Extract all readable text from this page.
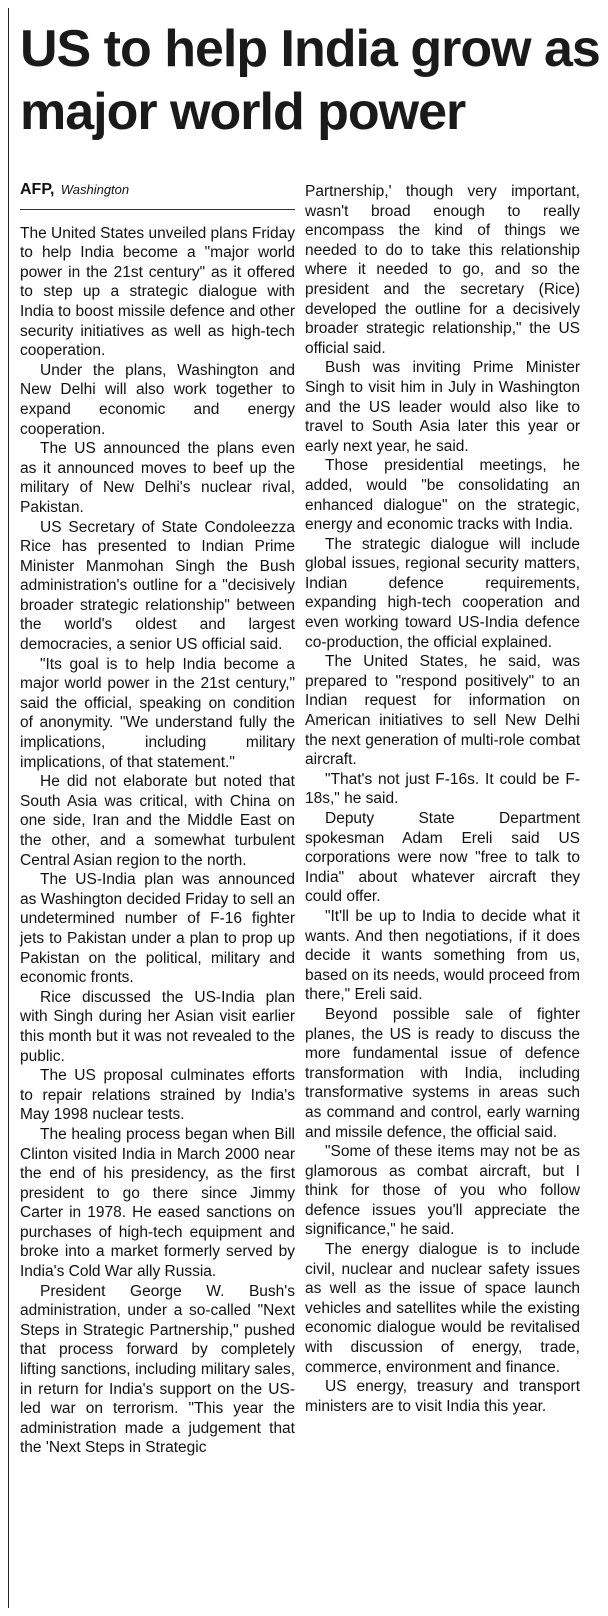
US to help India grow as major world power
AFP, Washington

The United States unveiled plans Friday to help India become a "major world power in the 21st century" as it offered to step up a strategic dialogue with India to boost missile defence and other security initiatives as well as high-tech cooperation.

Under the plans, Washington and New Delhi will also work together to expand economic and energy cooperation.

The US announced the plans even as it announced moves to beef up the military of New Delhi's nuclear rival, Pakistan.

US Secretary of State Condoleezza Rice has presented to Indian Prime Minister Manmohan Singh the Bush administration's outline for a "decisively broader strategic relationship" between the world's oldest and largest democracies, a senior US official said.

"Its goal is to help India become a major world power in the 21st century," said the official, speaking on condition of anonymity. "We understand fully the implications, including military implications, of that statement."

He did not elaborate but noted that South Asia was critical, with China on one side, Iran and the Middle East on the other, and a somewhat turbulent Central Asian region to the north.

The US-India plan was announced as Washington decided Friday to sell an undetermined number of F-16 fighter jets to Pakistan under a plan to prop up Pakistan on the political, military and economic fronts.

Rice discussed the US-India plan with Singh during her Asian visit earlier this month but it was not revealed to the public.

The US proposal culminates efforts to repair relations strained by India's May 1998 nuclear tests.

The healing process began when Bill Clinton visited India in March 2000 near the end of his presidency, as the first president to go there since Jimmy Carter in 1978. He eased sanctions on purchases of high-tech equipment and broke into a market formerly served by India's Cold War ally Russia.

President George W. Bush's administration, under a so-called "Next Steps in Strategic Partnership," pushed that process forward by completely lifting sanctions, including military sales, in return for India's support on the US-led war on terrorism. "This year the administration made a judgement that the 'Next Steps in Strategic

Partnership,' though very important, wasn't broad enough to really encompass the kind of things we needed to do to take this relationship where it needed to go, and so the president and the secretary (Rice) developed the outline for a decisively broader strategic relationship," the US official said.

Bush was inviting Prime Minister Singh to visit him in July in Washington and the US leader would also like to travel to South Asia later this year or early next year, he said.

Those presidential meetings, he added, would "be consolidating an enhanced dialogue" on the strategic, energy and economic tracks with India.

The strategic dialogue will include global issues, regional security matters, Indian defence requirements, expanding high-tech cooperation and even working toward US-India defence co-production, the official explained.

The United States, he said, was prepared to "respond positively" to an Indian request for information on American initiatives to sell New Delhi the next generation of multi-role combat aircraft.

"That's not just F-16s. It could be F-18s," he said.

Deputy State Department spokesman Adam Ereli said US corporations were now "free to talk to India" about whatever aircraft they could offer.

"It'll be up to India to decide what it wants. And then negotiations, if it does decide it wants something from us, based on its needs, would proceed from there," Ereli said.

Beyond possible sale of fighter planes, the US is ready to discuss the more fundamental issue of defence transformation with India, including transformative systems in areas such as command and control, early warning and missile defence, the official said.

"Some of these items may not be as glamorous as combat aircraft, but I think for those of you who follow defence issues you'll appreciate the significance," he said.

The energy dialogue is to include civil, nuclear and nuclear safety issues as well as the issue of space launch vehicles and satellites while the existing economic dialogue would be revitalised with discussion of energy, trade, commerce, environment and finance.

US energy, treasury and transport ministers are to visit India this year.
